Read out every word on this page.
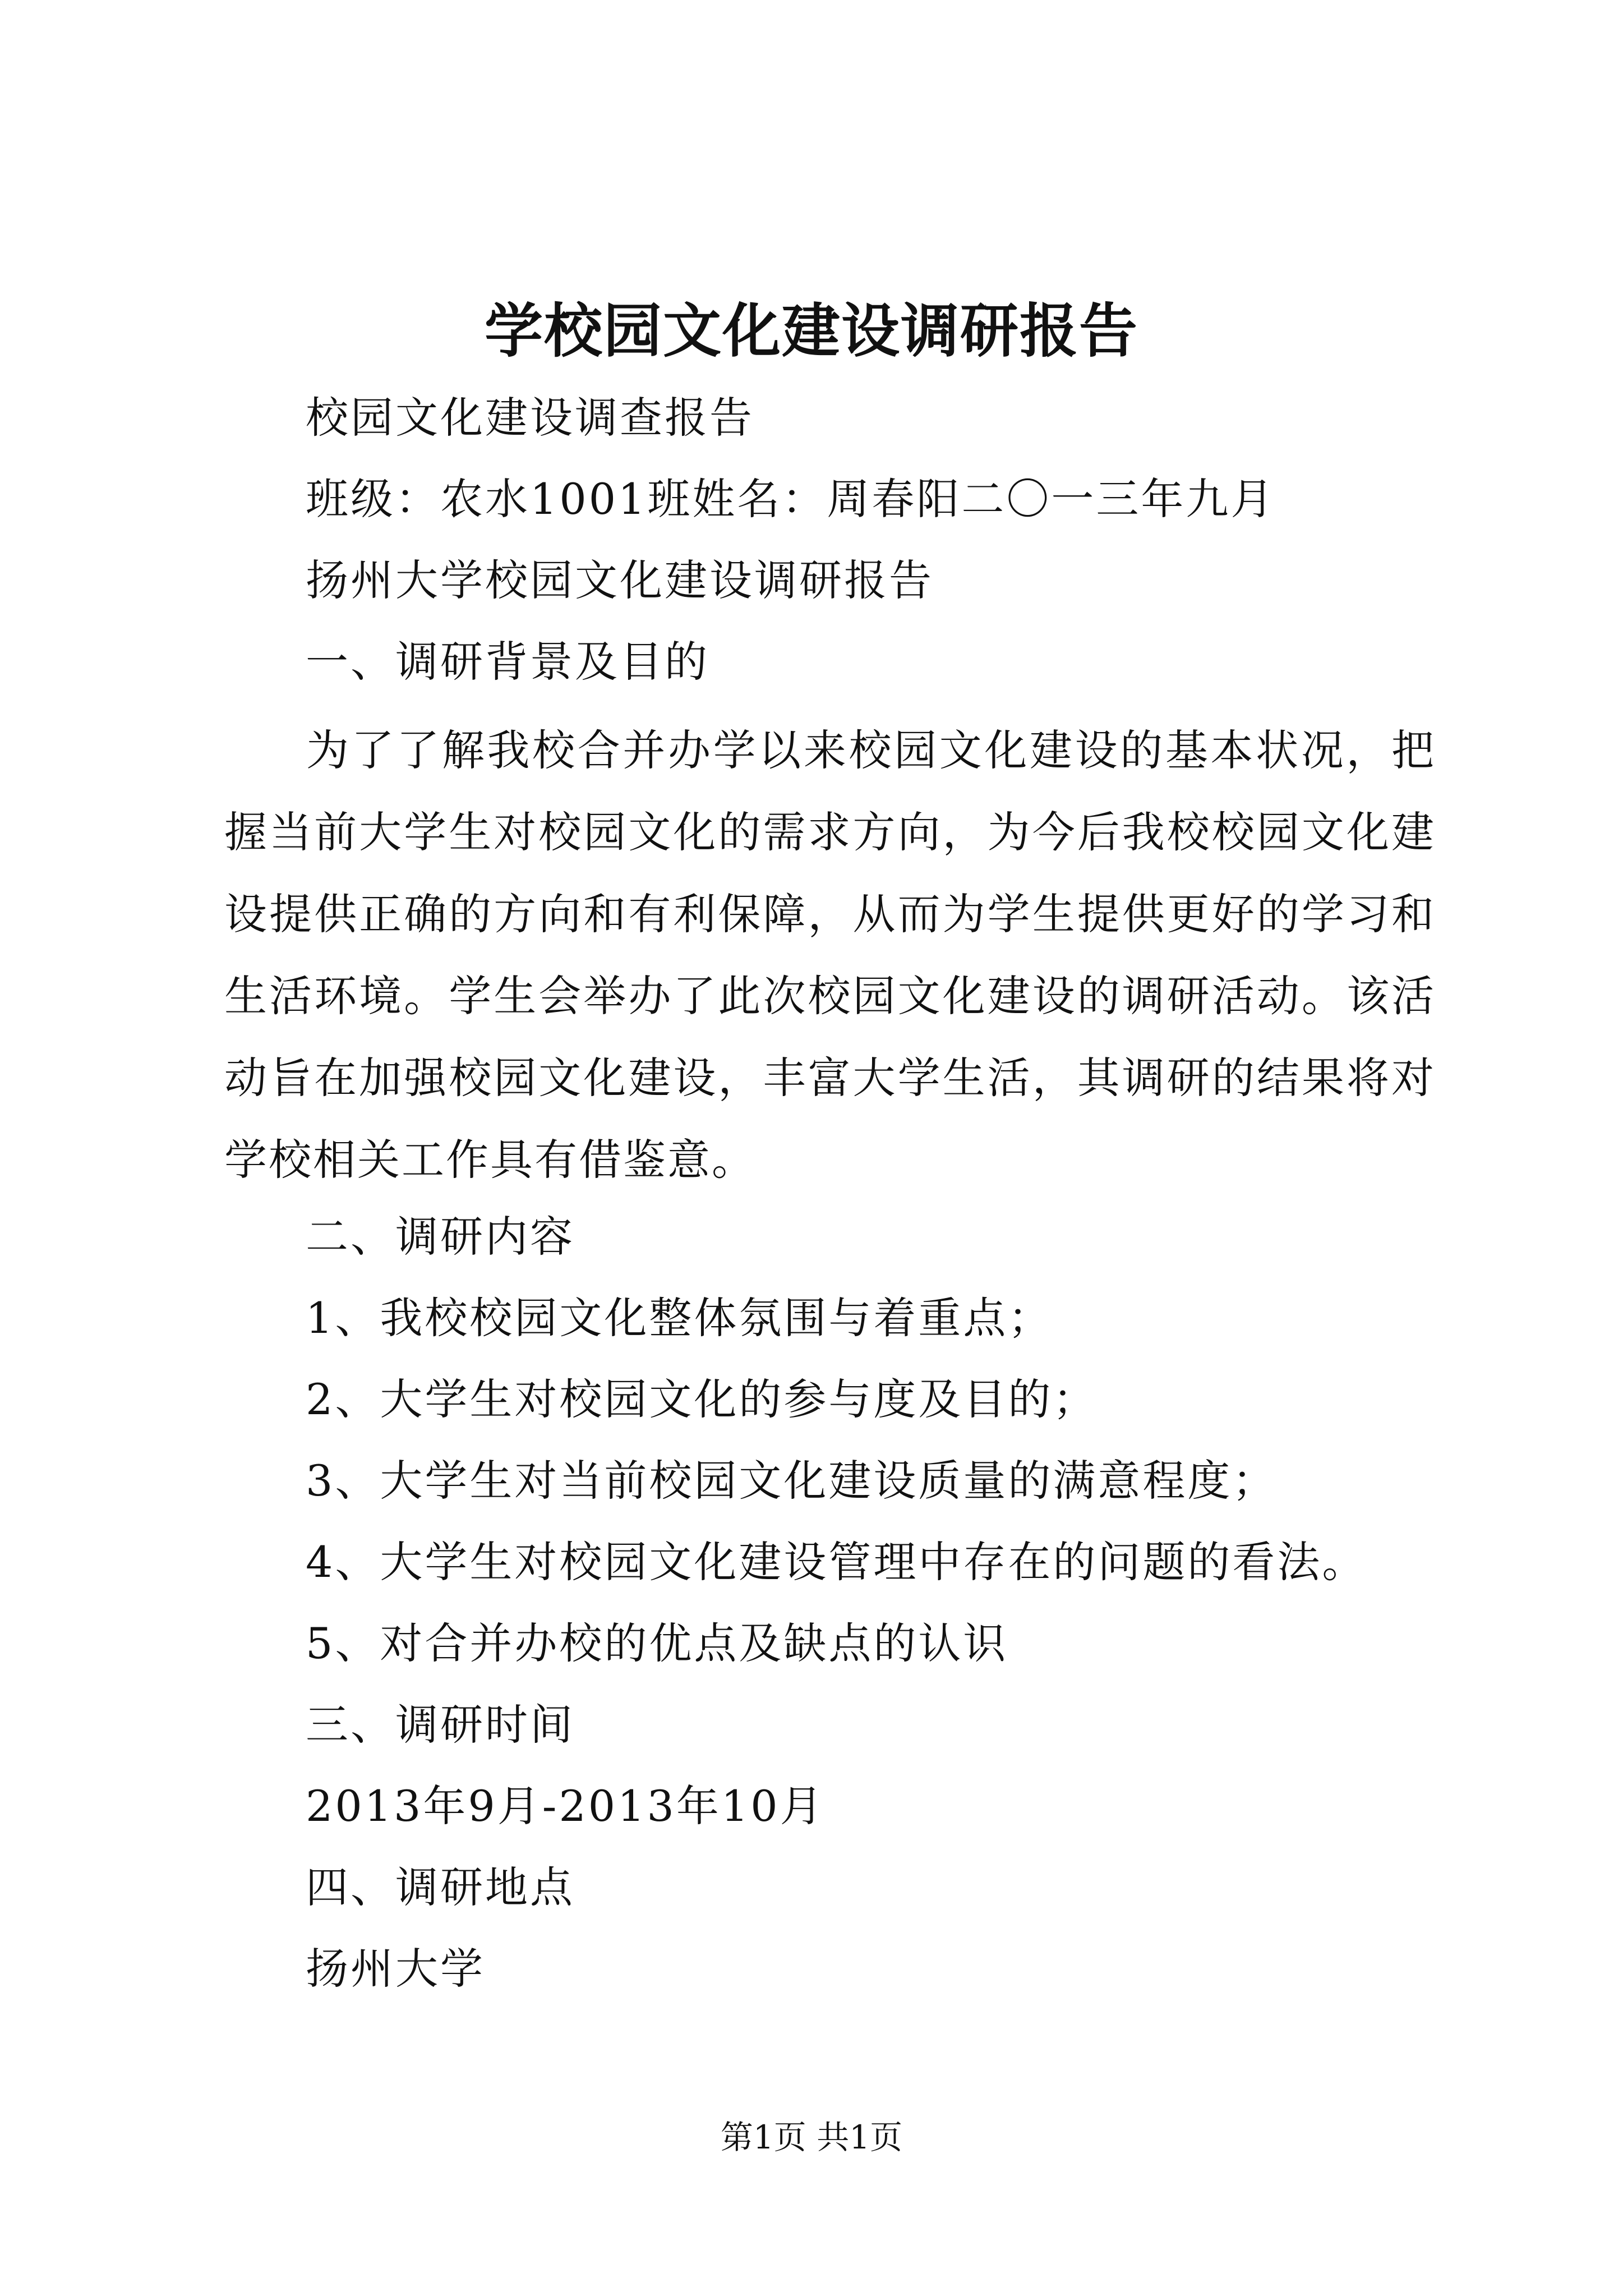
学校园文化建设调研报告
校园文化建设调查报告
班级：农水1001班姓名：周春阳二〇一三年九月
扬州大学校园文化建设调研报告
一、调研背景及目的
为了了解我校合并办学以来校园文化建设的基本状况，把握当前大学生对校园文化的需求方向，为今后我校校园文化建设提供正确的方向和有利保障，从而为学生提供更好的学习和生活环境。学生会举办了此次校园文化建设的调研活动。该活动旨在加强校园文化建设，丰富大学生活，其调研的结果将对学校相关工作具有借鉴意。
二、调研内容
1、我校校园文化整体氛围与着重点；
2、大学生对校园文化的参与度及目的；
3、大学生对当前校园文化建设质量的满意程度；
4、大学生对校园文化建设管理中存在的问题的看法。
5、对合并办校的优点及缺点的认识
三、调研时间
2013年9月-2013年10月
四、调研地点
扬州大学
第1页 共1页
